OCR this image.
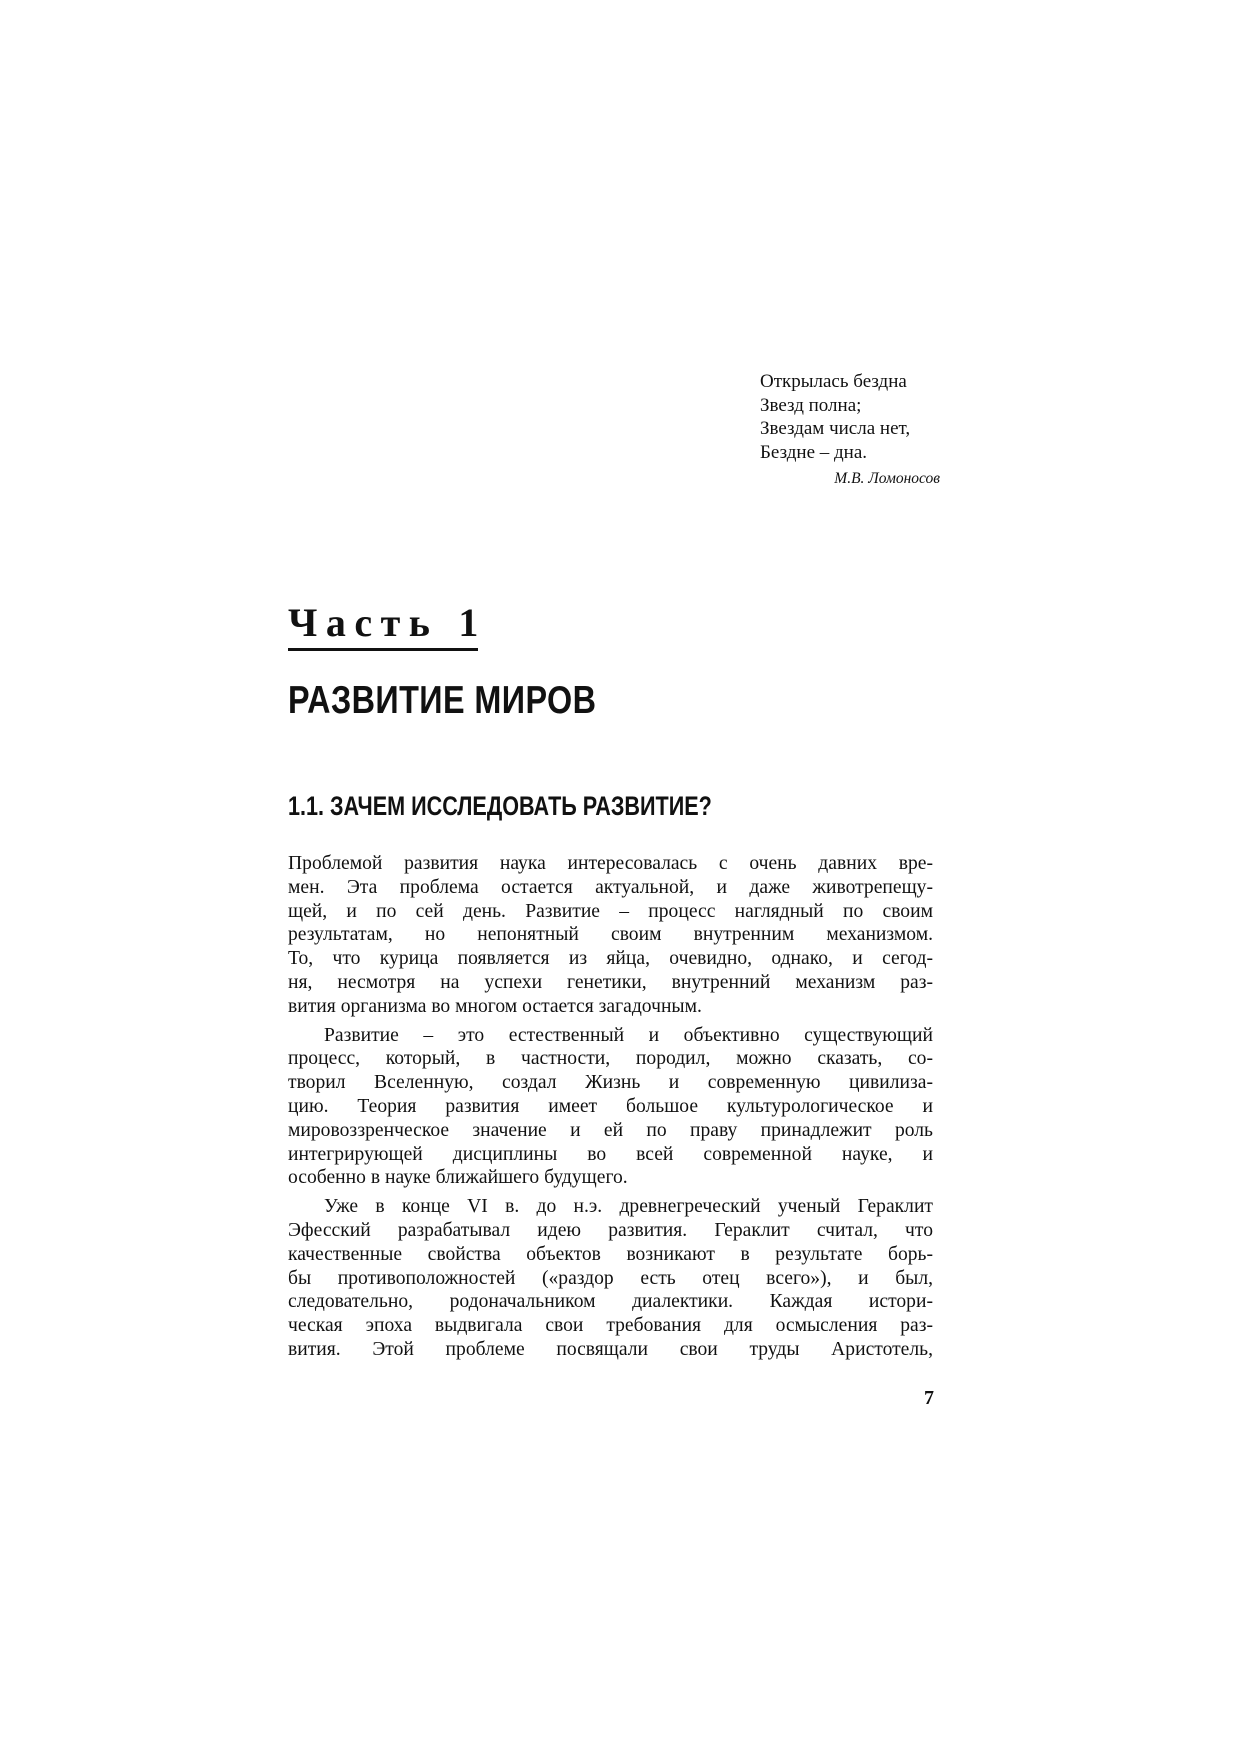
Открылась бездна
Звезд полна;
Звездам числа нет,
Бездне – дна.
М.В. Ломоносов
Часть 1
РАЗВИТИЕ МИРОВ
1.1. ЗАЧЕМ ИССЛЕДОВАТЬ РАЗВИТИЕ?
Проблемой развития наука интересовалась с очень давних вре-
мен. Эта проблема остается актуальной, и даже животрепещу-
щей, и по сей день. Развитие – процесс наглядный по своим
результатам, но непонятный своим внутренним механизмом.
То, что курица появляется из яйца, очевидно, однако, и сегод-
ня, несмотря на успехи генетики, внутренний механизм раз-
вития организма во многом остается загадочным.
Развитие – это естественный и объективно существующий
процесс, который, в частности, породил, можно сказать, со-
творил Вселенную, создал Жизнь и современную цивилиза-
цию. Теория развития имеет большое культурологическое и
мировоззренческое значение и ей по праву принадлежит роль
интегрирующей дисциплины во всей современной науке, и
особенно в науке ближайшего будущего.
Уже в конце VI в. до н.э. древнегреческий ученый Гераклит
Эфесский разрабатывал идею развития. Гераклит считал, что
качественные свойства объектов возникают в результате борь-
бы противоположностей («раздор есть отец всего»), и был,
следовательно, родоначальником диалектики. Каждая истори-
ческая эпоха выдвигала свои требования для осмысления раз-
вития. Этой проблеме посвящали свои труды Аристотель,
7
